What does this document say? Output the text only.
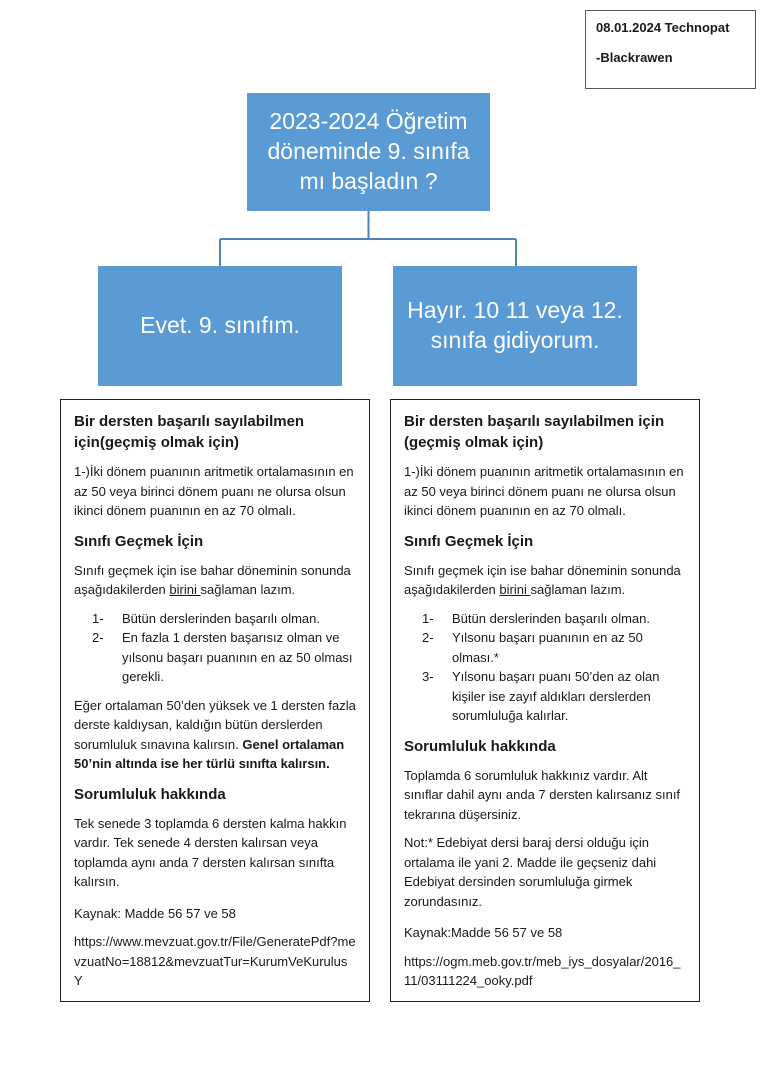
08.01.2024 Technopat
-Blackrawen
2023-2024 Öğretim döneminde 9. sınıfa mı başladın ?
Evet. 9. sınıfım.
Hayır. 10 11 veya 12. sınıfa gidiyorum.
Bir dersten başarılı sayılabilmen için(geçmiş olmak için)

1-)İki dönem puanının aritmetik ortalamasının en az 50 veya birinci dönem puanı ne olursa olsun ikinci dönem puanının en az 70 olmalı.

Sınıfı Geçmek İçin

Sınıfı geçmek için ise bahar döneminin sonunda aşağıdakilerden birini sağlaman lazım.

1-	Bütün derslerinden başarılı olman.
2-	En fazla 1 dersten başarısız olman ve yılsonu başarı puanının en az 50 olması gerekli.

Eğer ortalaman 50’den yüksek ve 1 dersten fazla derste kaldıysan, kaldığın bütün derslerden sorumluluk sınavına kalırsın. Genel ortalaman 50’nin altında ise her türlü sınıfta kalırsın.

Sorumluluk hakkında

Tek senede 3 toplamda 6 dersten kalma hakkın vardır. Tek senede 4 dersten kalırsan veya toplamda aynı anda 7 dersten kalırsan sınıfta kalırsın.

Kaynak: Madde 56 57 ve 58

https://www.mevzuat.gov.tr/File/GeneratePdf?mevzuatNo=18812&mevzuatTur=KurumVeKurulusY

Bir dersten başarılı sayılabilmen için (geçmiş olmak için)

1-)İki dönem puanının aritmetik ortalamasının en az 50 veya birinci dönem puanı ne olursa olsun ikinci dönem puanının en az 70 olmalı.

Sınıfı Geçmek İçin

Sınıfı geçmek için ise bahar döneminin sonunda aşağıdakilerden birini sağlaman lazım.

1-	Bütün derslerinden başarılı olman.
2-	Yılsonu başarı puanının en az 50 olması.*
3-	Yılsonu başarı puanı 50’den az olan kişiler ise zayıf aldıkları derslerden sorumluluğa kalırlar.
Sorumluluk hakkında

Toplamda 6 sorumluluk hakkınız vardır. Alt sınıflar dahil aynı anda 7 dersten kalırsanız sınıf tekrarına düşersiniz.

Not:* Edebiyat dersi baraj dersi olduğu için ortalama ile yani 2. Madde ile geçseniz dahi Edebiyat dersinden sorumluluğa girmek zorundasınız.

Kaynak:Madde 56 57 ve 58

https://ogm.meb.gov.tr/meb_iys_dosyalar/2016_11/03111224_ooky.pdf
